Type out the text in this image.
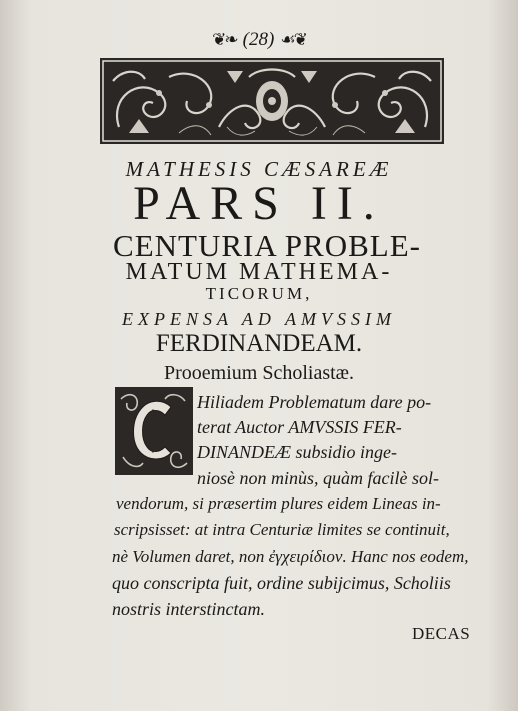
❦❧ (28) ☙❦
MATHESIS CÆSAREÆ
PARS II.
CENTURIA PROBLE-
MATUM MATHEMA-
TICORUM,
EXPENSA AD AMVSSIM
FERDINANDEAM.
Prooemium Scholiastæ.
Hiliadem Problematum dare po-
terat Auctor AMVSSIS FER-
DINANDEÆ subsidio inge-
niosè non minùs, quàm facilè sol-
vendorum, si præsertim plures eidem Lineas in-
scripsisset: at intra Centuriæ limites se continuit,
nè Volumen daret, non ἐγχειρίδιον. Hanc nos eodem,
quo conscripta fuit, ordine subijcimus, Scholiis
nostris interstinctam.
DECAS
